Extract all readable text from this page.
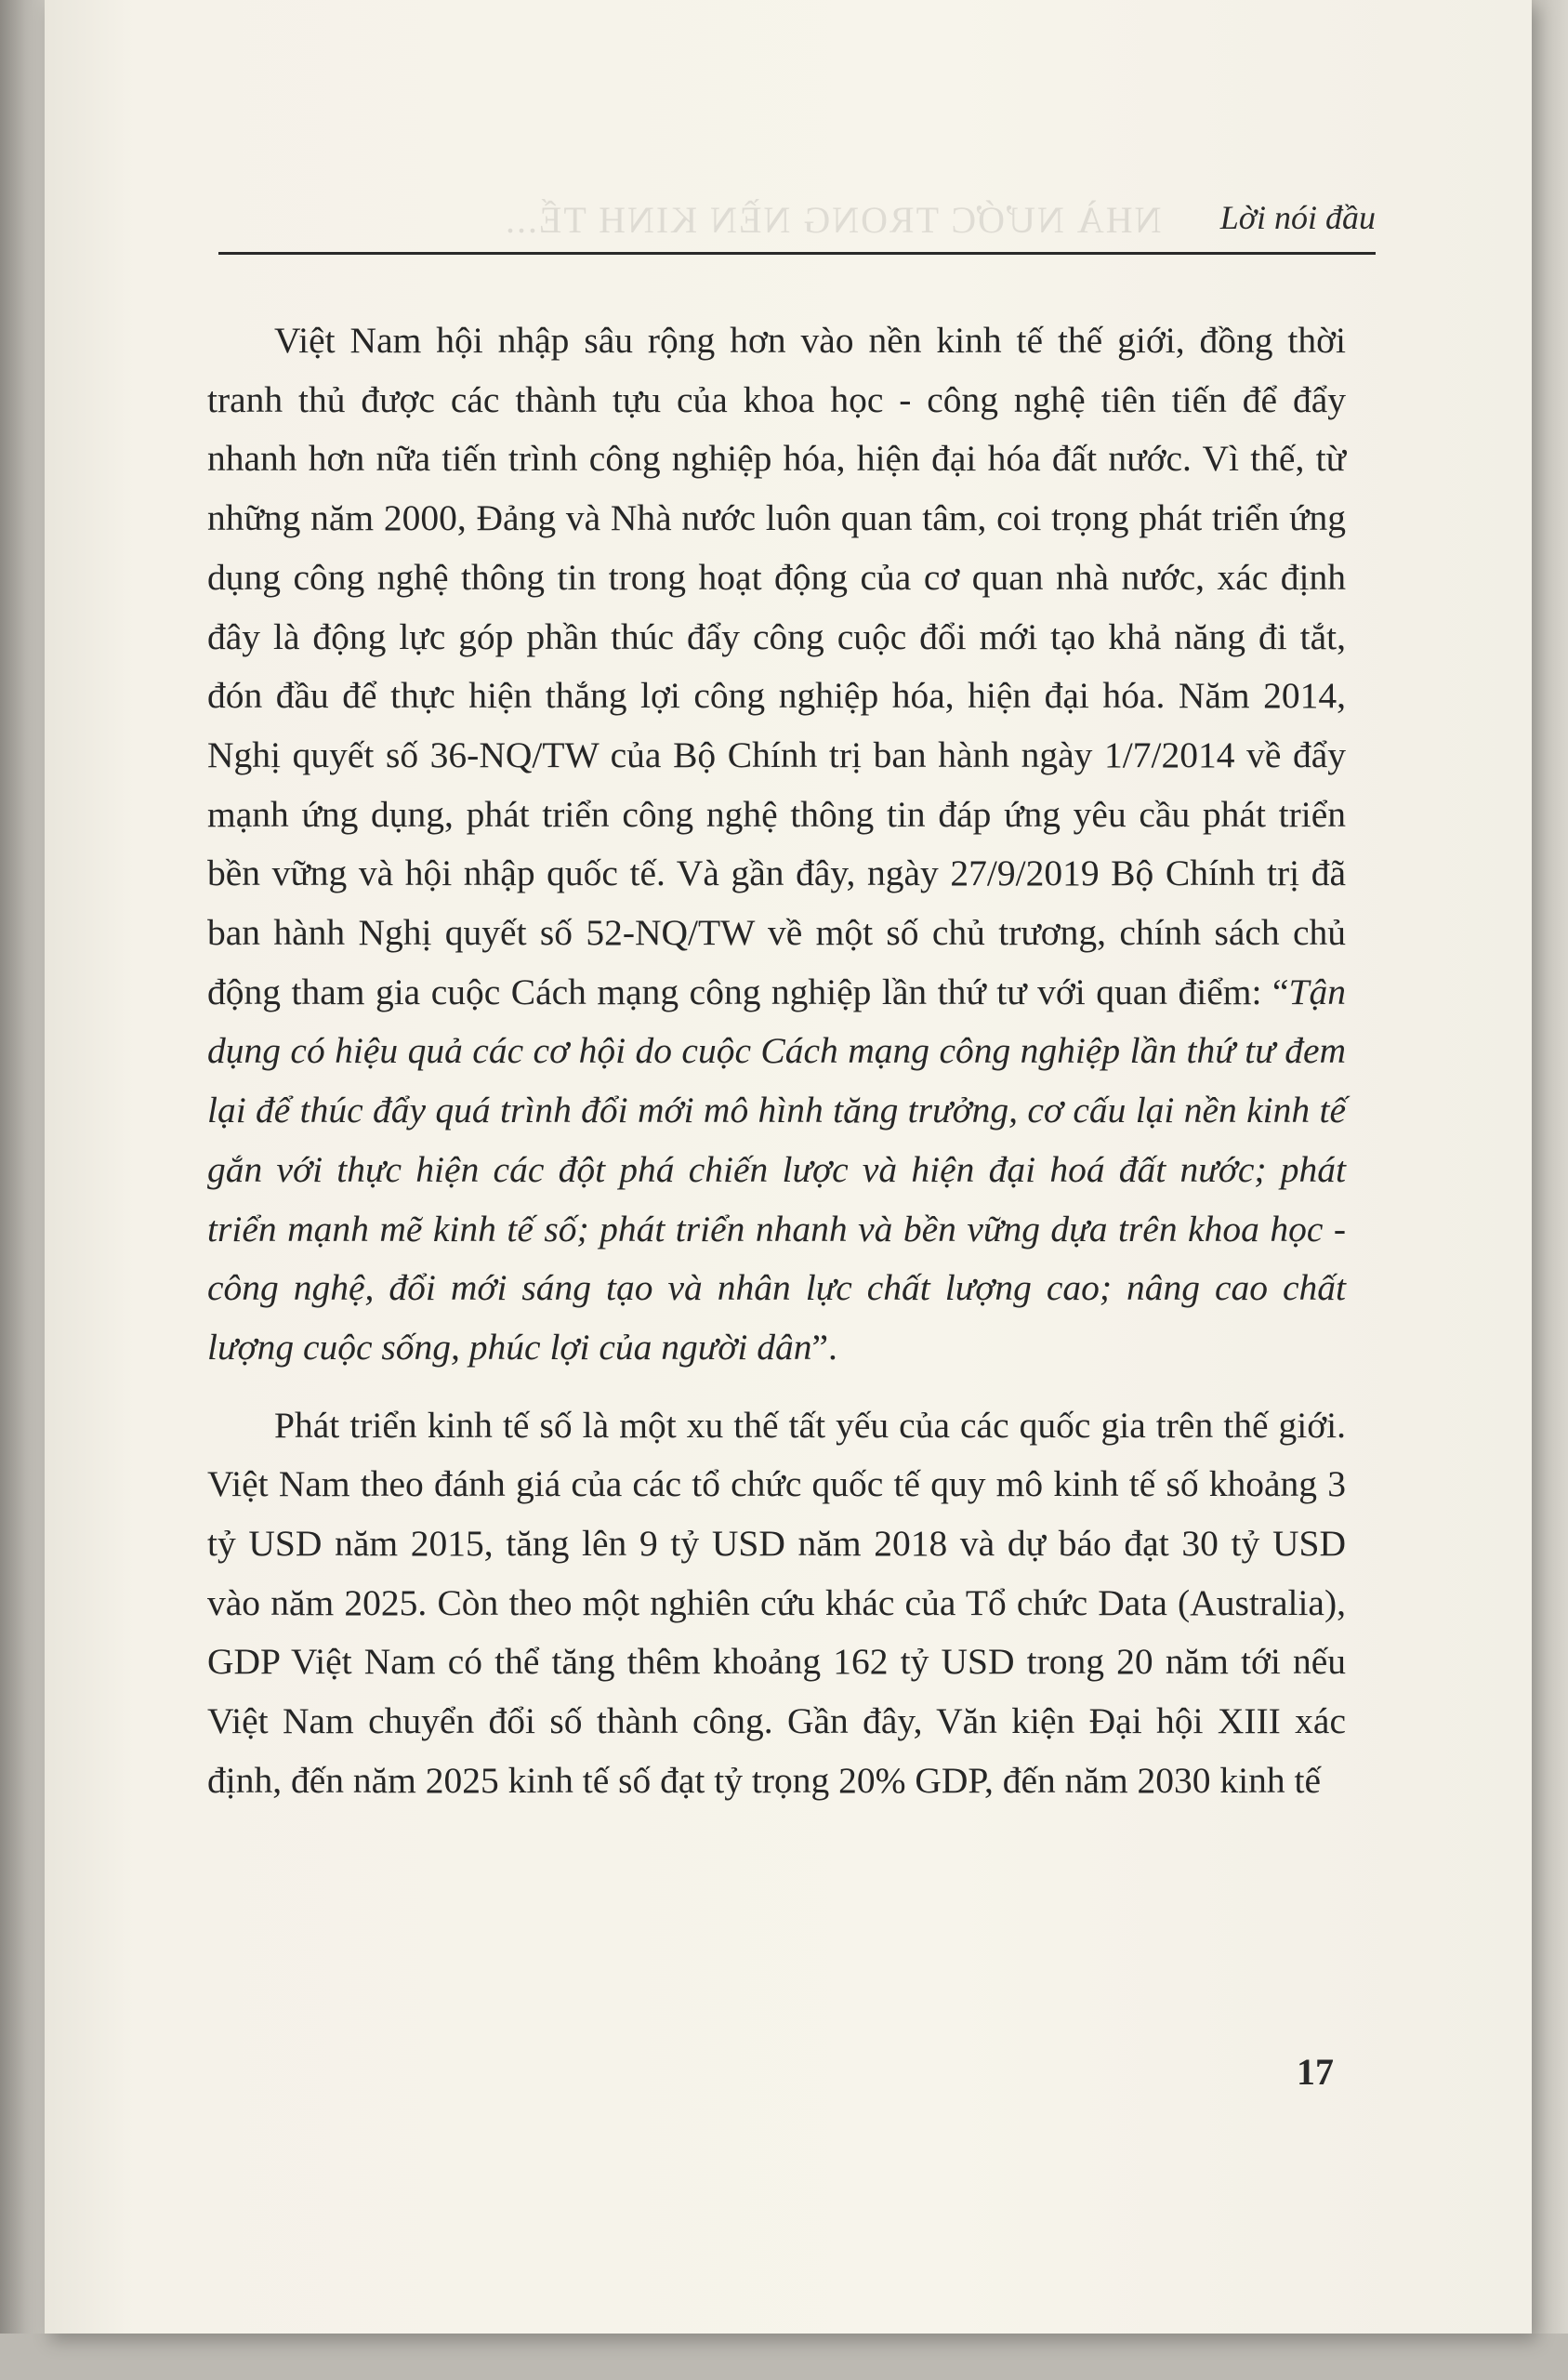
NHÀ NƯỚC TRONG NỀN KINH TẾ... Lời nói đầu

Việt Nam hội nhập sâu rộng hơn vào nền kinh tế thế giới, đồng thời tranh thủ được các thành tựu của khoa học - công nghệ tiên tiến để đẩy nhanh hơn nữa tiến trình công nghiệp hóa, hiện đại hóa đất nước. Vì thế, từ những năm 2000, Đảng và Nhà nước luôn quan tâm, coi trọng phát triển ứng dụng công nghệ thông tin trong hoạt động của cơ quan nhà nước, xác định đây là động lực góp phần thúc đẩy công cuộc đổi mới tạo khả năng đi tắt, đón đầu để thực hiện thắng lợi công nghiệp hóa, hiện đại hóa. Năm 2014, Nghị quyết số 36-NQ/TW của Bộ Chính trị ban hành ngày 1/7/2014 về đẩy mạnh ứng dụng, phát triển công nghệ thông tin đáp ứng yêu cầu phát triển bền vững và hội nhập quốc tế. Và gần đây, ngày 27/9/2019 Bộ Chính trị đã ban hành Nghị quyết số 52-NQ/TW về một số chủ trương, chính sách chủ động tham gia cuộc Cách mạng công nghiệp lần thứ tư với quan điểm: “Tận dụng có hiệu quả các cơ hội do cuộc Cách mạng công nghiệp lần thứ tư đem lại để thúc đẩy quá trình đổi mới mô hình tăng trưởng, cơ cấu lại nền kinh tế gắn với thực hiện các đột phá chiến lược và hiện đại hoá đất nước; phát triển mạnh mẽ kinh tế số; phát triển nhanh và bền vững dựa trên khoa học - công nghệ, đổi mới sáng tạo và nhân lực chất lượng cao; nâng cao chất lượng cuộc sống, phúc lợi của người dân”.

Phát triển kinh tế số là một xu thế tất yếu của các quốc gia trên thế giới. Việt Nam theo đánh giá của các tổ chức quốc tế quy mô kinh tế số khoảng 3 tỷ USD năm 2015, tăng lên 9 tỷ USD năm 2018 và dự báo đạt 30 tỷ USD vào năm 2025. Còn theo một nghiên cứu khác của Tổ chức Data (Australia), GDP Việt Nam có thể tăng thêm khoảng 162 tỷ USD trong 20 năm tới nếu Việt Nam chuyển đổi số thành công. Gần đây, Văn kiện Đại hội XIII xác định, đến năm 2025 kinh tế số đạt tỷ trọng 20% GDP, đến năm 2030 kinh tế

17
